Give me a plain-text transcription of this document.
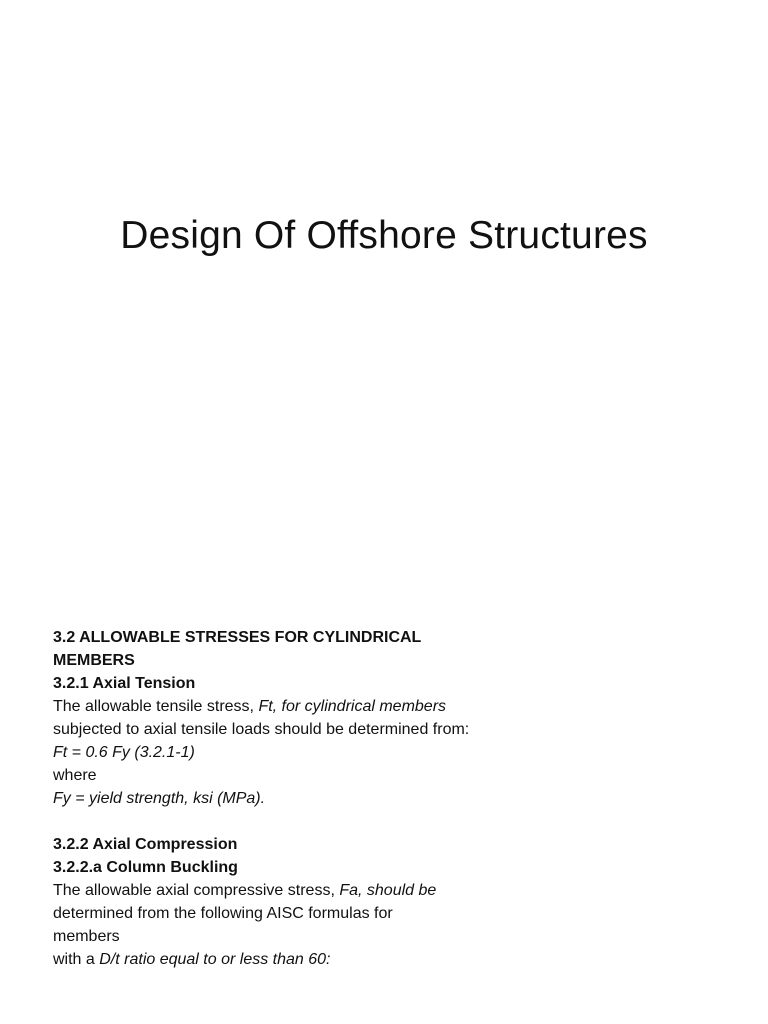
Design Of Offshore Structures
3.2 ALLOWABLE STRESSES FOR CYLINDRICAL
MEMBERS
3.2.1 Axial Tension
The allowable tensile stress, Ft, for cylindrical members
subjected to axial tensile loads should be determined from:
Ft = 0.6 Fy (3.2.1-1)
where
Fy = yield strength, ksi (MPa).
3.2.2 Axial Compression
3.2.2.a Column Buckling
The allowable axial compressive stress, Fa, should be
determined from the following AISC formulas for
members
with a D/t ratio equal to or less than 60:
